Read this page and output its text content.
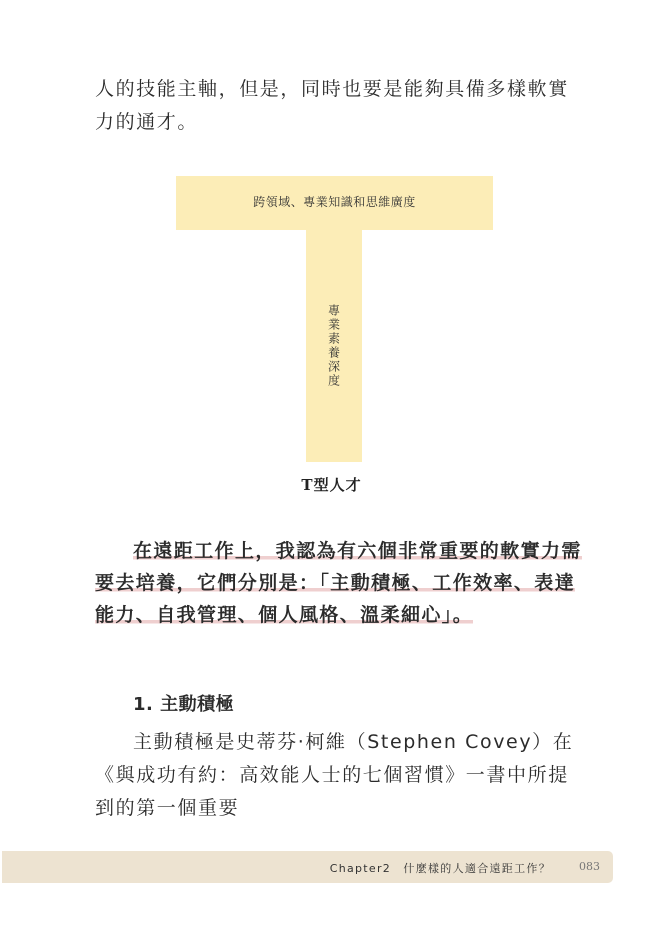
人的技能主軸，但是，同時也要是能夠具備多樣軟實力的通才。

跨領域、專業知識和思維廣度
專業素養深度
T型人才

在遠距工作上，我認為有六個非常重要的軟實力需要去培養，它們分別是：「主動積極、工作效率、表達能力、自我管理、個人風格、溫柔細心」。

1. 主動積極

主動積極是史蒂芬·柯維（Stephen Covey）在《與成功有約：高效能人士的七個習慣》一書中所提到的第一個重要

Chapter2　什麼樣的人適合遠距工作？	083
